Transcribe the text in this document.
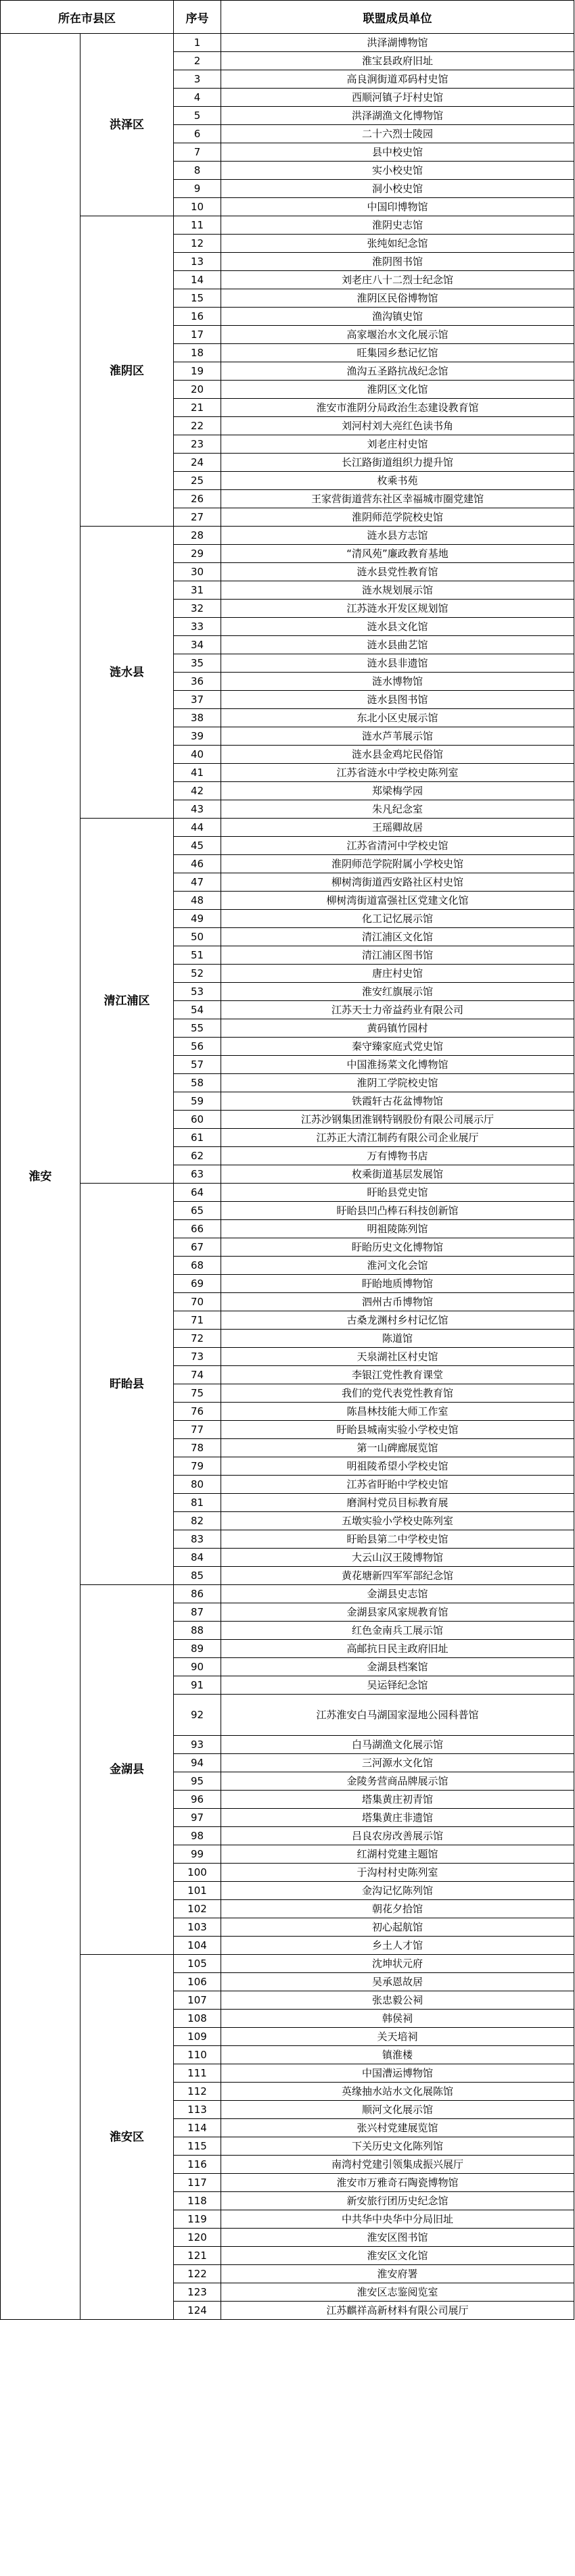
所在市县区		序号	联盟成员单位
淮安	洪泽区	1	洪泽湖博物馆
		2	淮宝县政府旧址
		3	高良涧街道邓码村史馆
		4	西顺河镇子圩村史馆
		5	洪泽湖渔文化博物馆
		6	二十六烈士陵园
		7	县中校史馆
		8	实小校史馆
		9	洞小校史馆
		10	中国印博物馆
	淮阴区	11	淮阴史志馆
		12	张纯如纪念馆
		13	淮阴图书馆
		14	刘老庄八十二烈士纪念馆
		15	淮阴区民俗博物馆
		16	渔沟镇史馆
		17	高家堰治水文化展示馆
		18	旺集园乡愁记忆馆
		19	渔沟五圣路抗战纪念馆
		20	淮阴区文化馆
		21	淮安市淮阴分局政治生态建设教育馆
		22	刘河村刘大亮红色读书角
		23	刘老庄村史馆
		24	长江路街道组织力提升馆
		25	枚乘书苑
		26	王家营街道营东社区幸福城市圈党建馆
		27	淮阴师范学院校史馆
	涟水县	28	涟水县方志馆
		29	“清风苑”廉政教育基地
		30	涟水县党性教育馆
		31	涟水规划展示馆
		32	江苏涟水开发区规划馆
		33	涟水县文化馆
		34	涟水县曲艺馆
		35	涟水县非遗馆
		36	涟水博物馆
		37	涟水县图书馆
		38	东北小区史展示馆
		39	涟水芦苇展示馆
		40	涟水县金鸡坨民俗馆
		41	江苏省涟水中学校史陈列室
		42	郑梁梅学园
		43	朱凡纪念室
	清江浦区	44	王瑶卿故居
		45	江苏省清河中学校史馆
		46	淮阴师范学院附属小学校史馆
		47	柳树湾街道西安路社区村史馆
		48	柳树湾街道富强社区党建文化馆
		49	化工记忆展示馆
		50	清江浦区文化馆
		51	清江浦区图书馆
		52	唐庄村史馆
		53	淮安红旗展示馆
		54	江苏天士力帝益药业有限公司
		55	黄码镇竹园村
		56	秦守臻家庭式党史馆
		57	中国淮扬菜文化博物馆
		58	淮阴工学院校史馆
		59	铁霞轩古花盆博物馆
		60	江苏沙钢集团淮钢特钢股份有限公司展示厅
		61	江苏正大清江制药有限公司企业展厅
		62	万有博物书店
		63	枚乘街道基层发展馆
	盱眙县	64	盱眙县党史馆
		65	盱眙县凹凸棒石科技创新馆
		66	明祖陵陈列馆
		67	盱眙历史文化博物馆
		68	淮河文化会馆
		69	盱眙地质博物馆
		70	泗州古币博物馆
		71	古桑龙渊村乡村记忆馆
		72	陈道馆
		73	天泉湖社区村史馆
		74	李银江党性教育课堂
		75	我们的党代表党性教育馆
		76	陈昌林技能大师工作室
		77	盱眙县城南实验小学校史馆
		78	第一山碑廊展览馆
		79	明祖陵希望小学校史馆
		80	江苏省盱眙中学校史馆
		81	磨涧村党员目标教育展
		82	五墩实验小学校史陈列室
		83	盱眙县第二中学校史馆
		84	大云山汉王陵博物馆
		85	黄花塘新四军军部纪念馆
	金湖县	86	金湖县史志馆
		87	金湖县家风家规教育馆
		88	红色金南兵工展示馆
		89	高邮抗日民主政府旧址
		90	金湖县档案馆
		91	吴运铎纪念馆
		92	江苏淮安白马湖国家湿地公园科普馆
		93	白马湖渔文化展示馆
		94	三河源水文化馆
		95	金陵务营商品牌展示馆
		96	塔集黄庄初青馆
		97	塔集黄庄非遗馆
		98	吕良农房改善展示馆
		99	红湖村党建主题馆
		100	于沟村村史陈列室
		101	金沟记忆陈列馆
		102	朝花夕拾馆
		103	初心起航馆
		104	乡土人才馆
	淮安区	105	沈坤状元府
		106	吴承恩故居
		107	张忠毅公祠
		108	韩侯祠
		109	关天培祠
		110	镇淮楼
		111	中国漕运博物馆
		112	英缘抽水站水文化展陈馆
		113	顺河文化展示馆
		114	张兴村党建展览馆
		115	下关历史文化陈列馆
		116	南湾村党建引领集成振兴展厅
		117	淮安市万雅奇石陶瓷博物馆
		118	新安旅行团历史纪念馆
		119	中共华中央华中分局旧址
		120	淮安区图书馆
		121	淮安区文化馆
		122	淮安府署
		123	淮安区志鉴阅览室
		124	江苏麒祥高新材料有限公司展厅
